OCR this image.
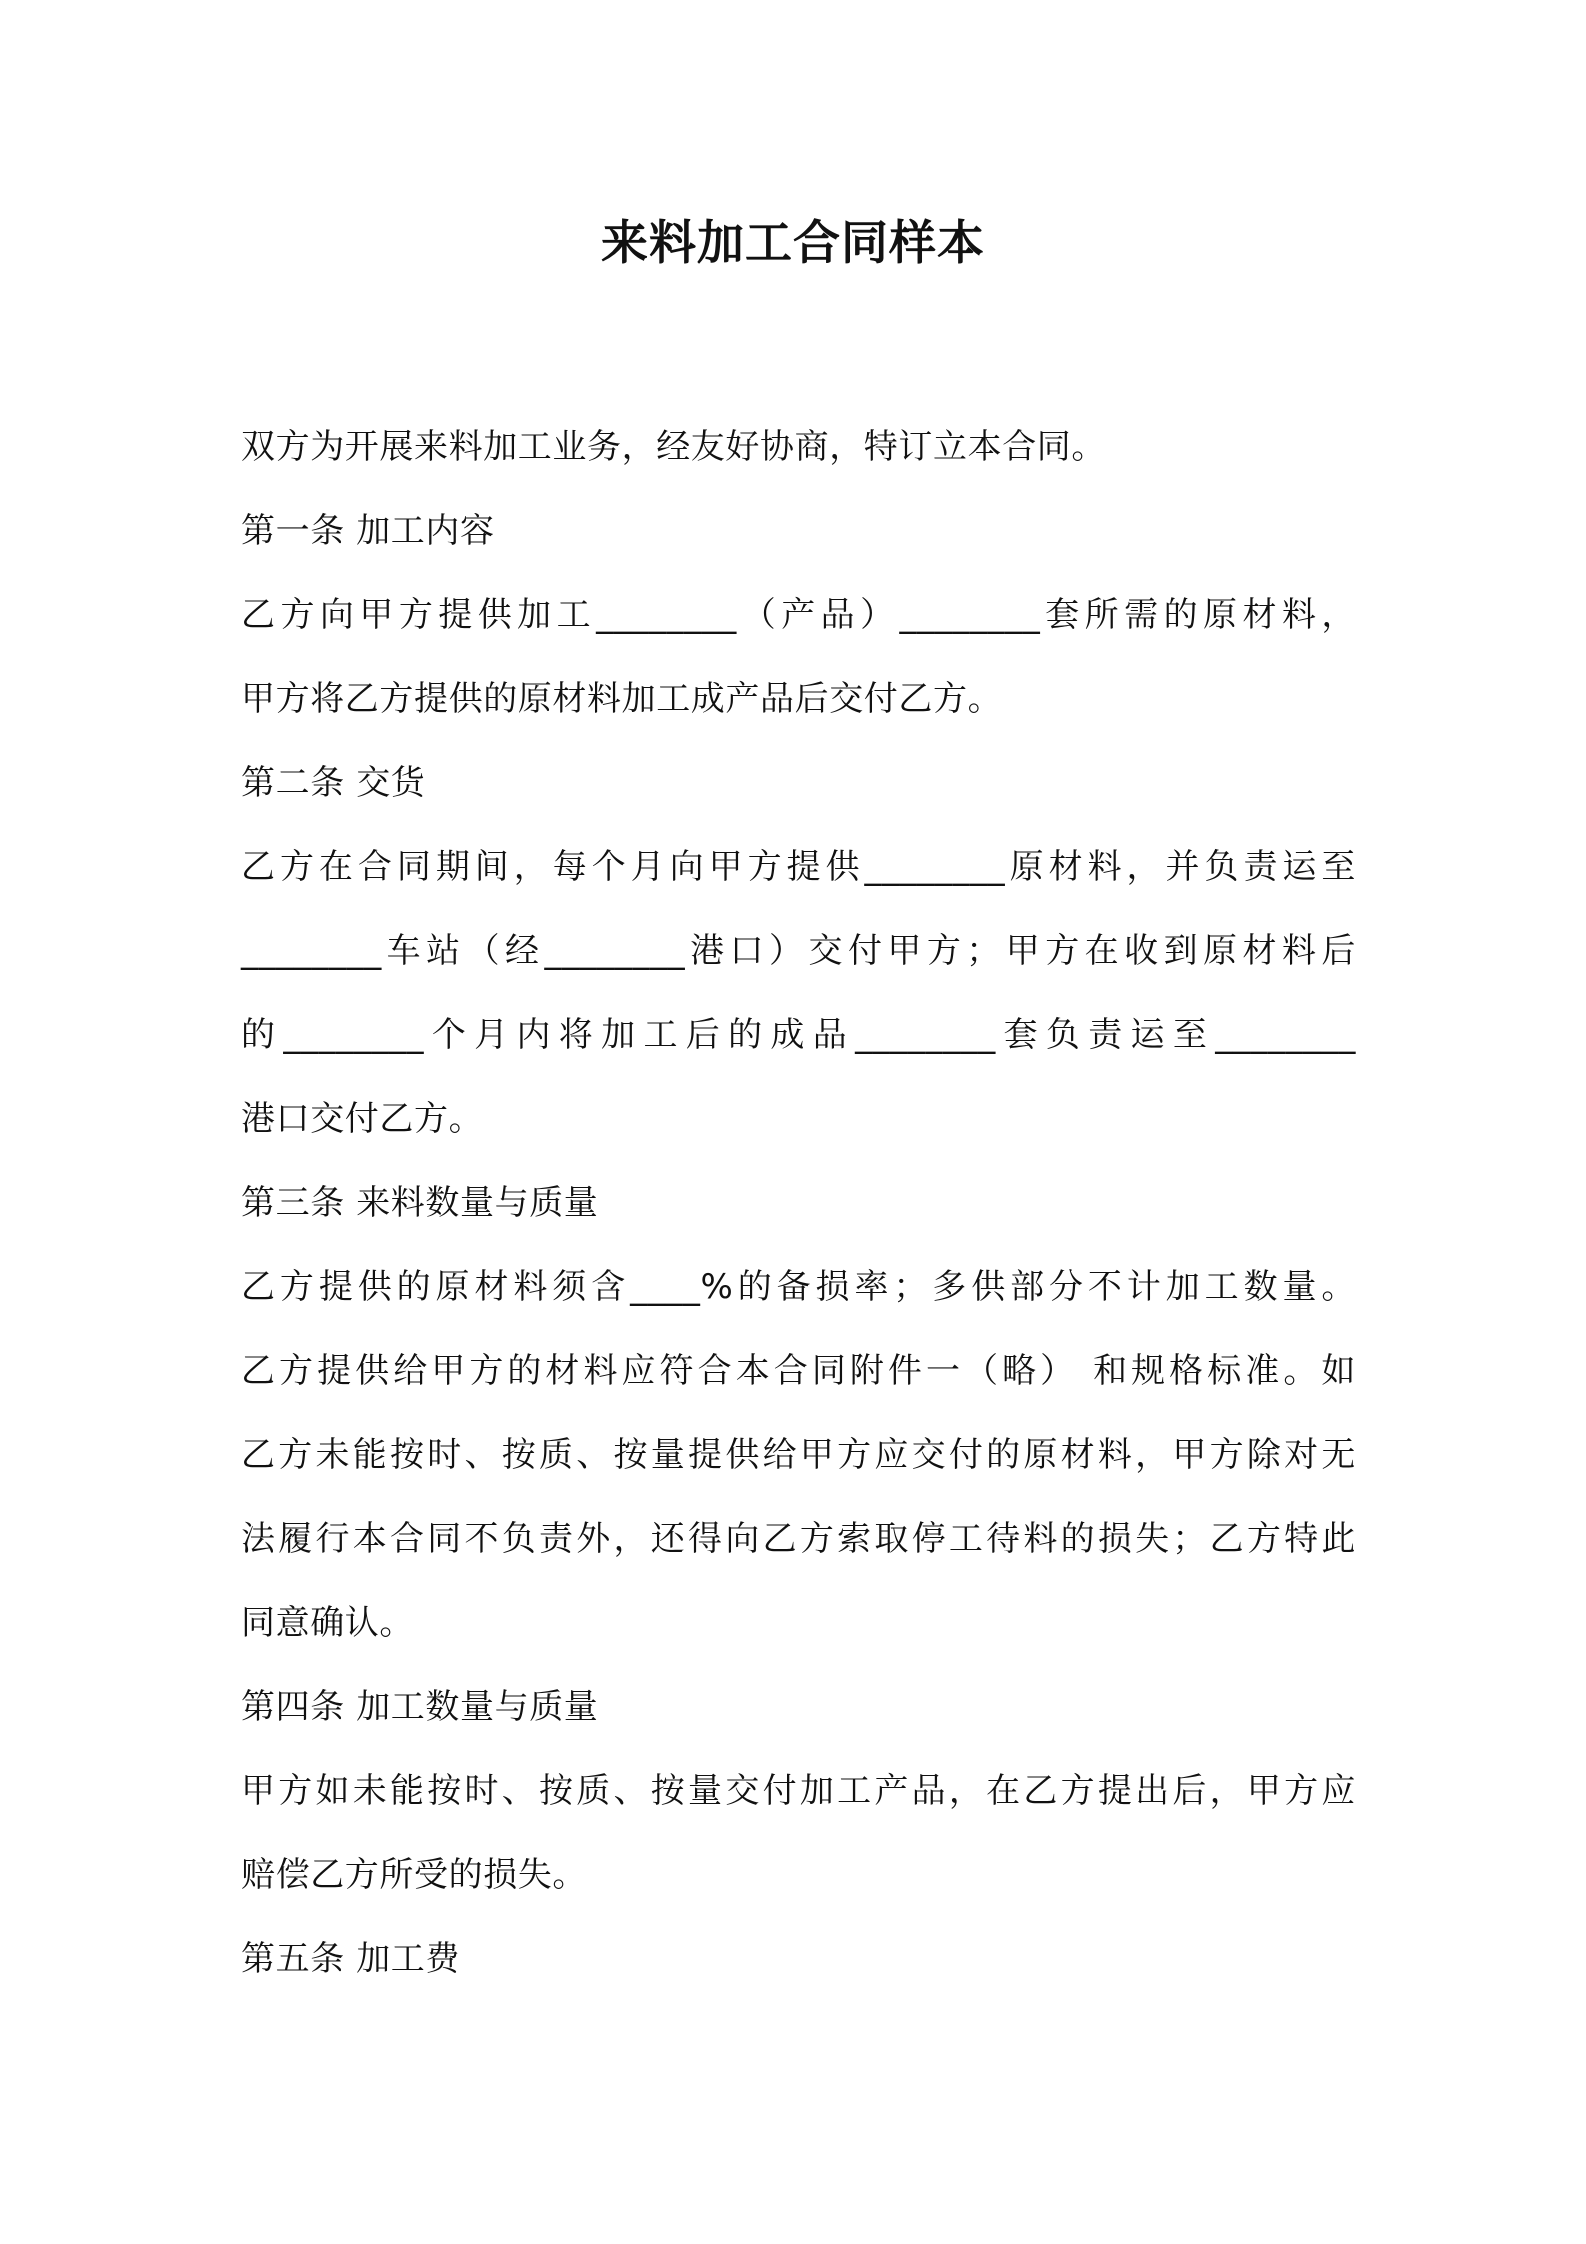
来料加工合同样本
双方为开展来料加工业务，经友好协商，特订立本合同。
第一条 加工内容
乙方向甲方提供加工________（产品）________套所需的原材料，
甲方将乙方提供的原材料加工成产品后交付乙方。
第二条 交货
乙方在合同期间，每个月向甲方提供________原材料，并负责运至
________车站（经________港口）交付甲方；甲方在收到原材料后
的________个月内将加工后的成品________套负责运至________
港口交付乙方。
第三条 来料数量与质量
乙方提供的原材料须含____%的备损率；多供部分不计加工数量。
乙方提供给甲方的材料应符合本合同附件一（略） 和规格标准。如
乙方未能按时、按质、按量提供给甲方应交付的原材料，甲方除对无
法履行本合同不负责外，还得向乙方索取停工待料的损失；乙方特此
同意确认。
第四条 加工数量与质量
甲方如未能按时、按质、按量交付加工产品，在乙方提出后，甲方应
赔偿乙方所受的损失。
第五条 加工费
